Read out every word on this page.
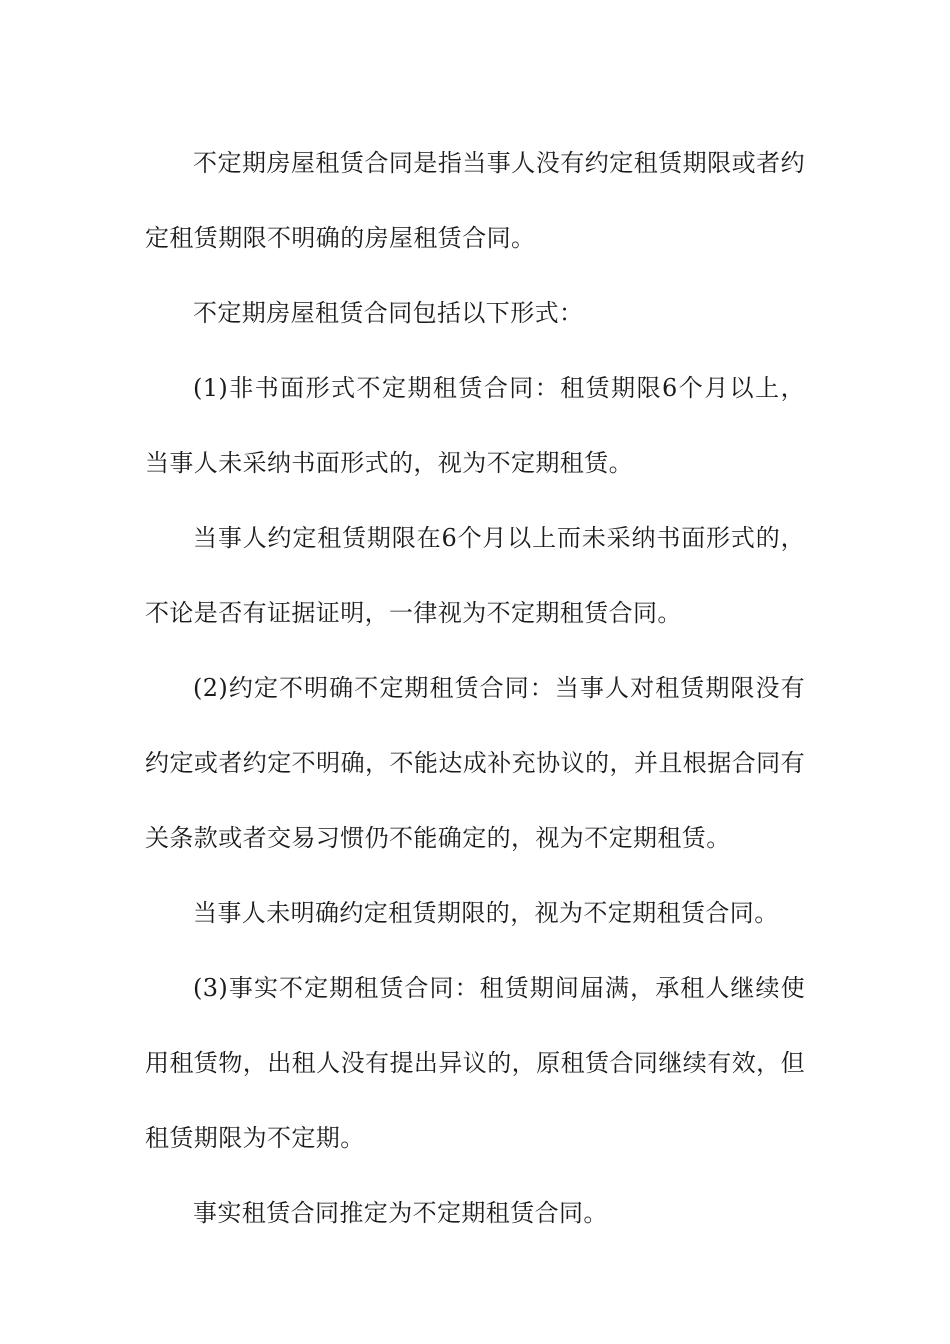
不定期房屋租赁合同是指当事人没有约定租赁期限或者约定租赁期限不明确的房屋租赁合同。

不定期房屋租赁合同包括以下形式：

(1)非书面形式不定期租赁合同：租赁期限6个月以上，当事人未采纳书面形式的，视为不定期租赁。

当事人约定租赁期限在6个月以上而未采纳书面形式的，不论是否有证据证明，一律视为不定期租赁合同。

(2)约定不明确不定期租赁合同：当事人对租赁期限没有约定或者约定不明确，不能达成补充协议的，并且根据合同有关条款或者交易习惯仍不能确定的，视为不定期租赁。

当事人未明确约定租赁期限的，视为不定期租赁合同。

(3)事实不定期租赁合同：租赁期间届满，承租人继续使用租赁物，出租人没有提出异议的，原租赁合同继续有效，但租赁期限为不定期。

事实租赁合同推定为不定期租赁合同。
